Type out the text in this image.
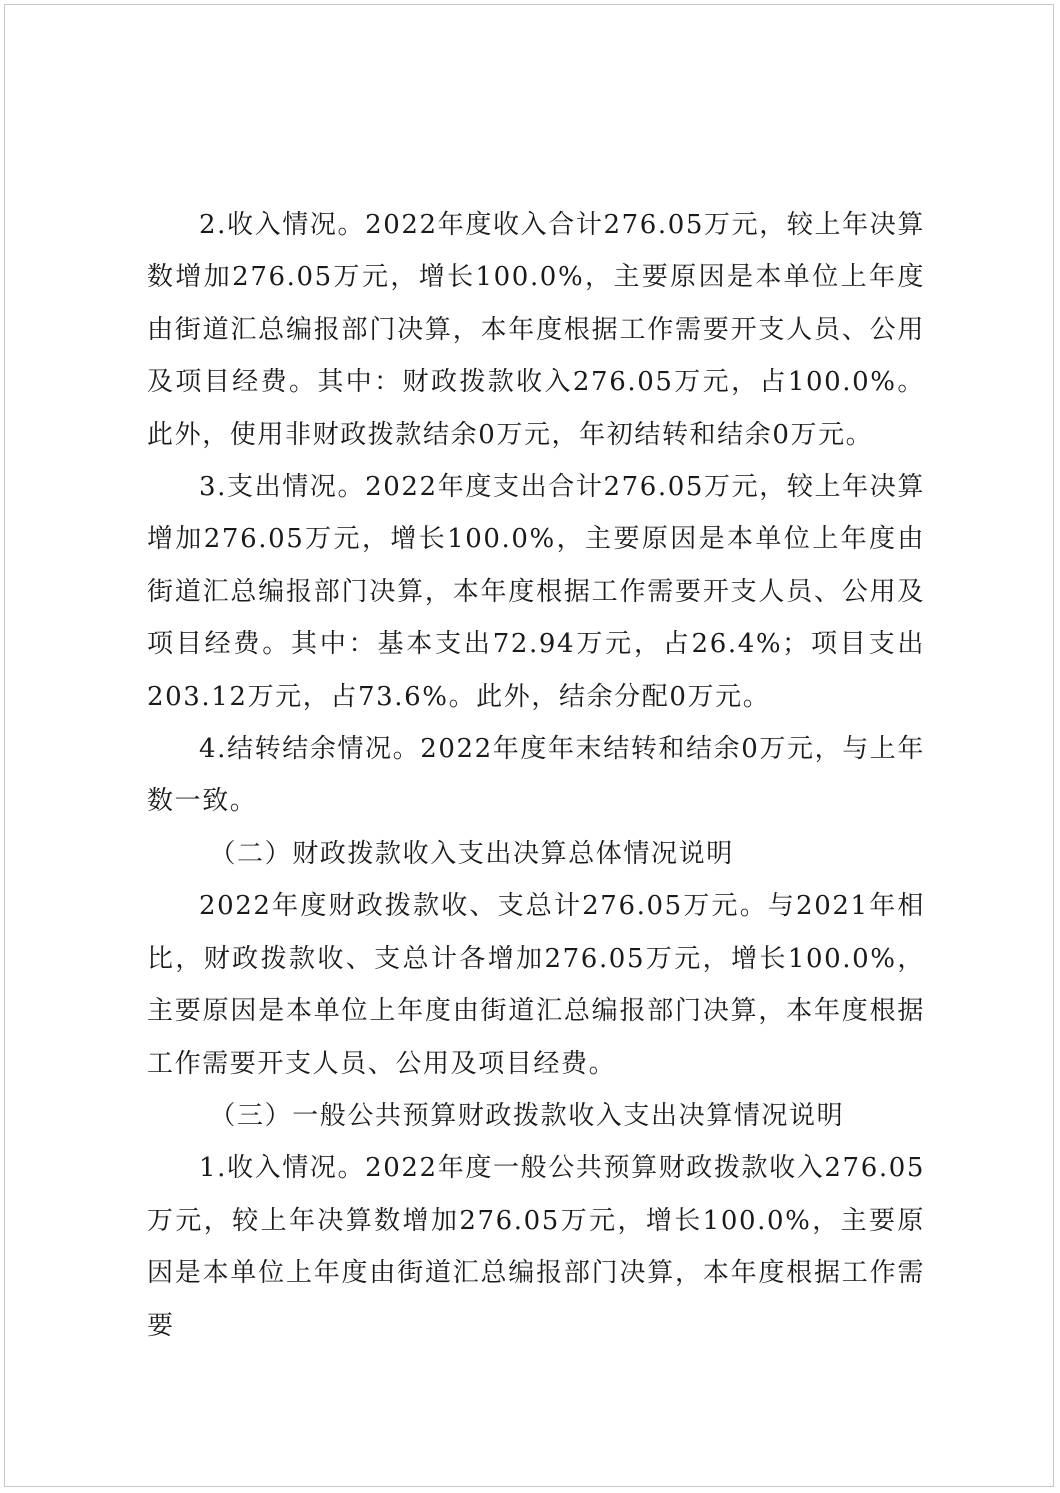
2.收入情况。2022年度收入合计276.05万元，较上年决算数增加276.05万元，增长100.0%，主要原因是本单位上年度由街道汇总编报部门决算，本年度根据工作需要开支人员、公用及项目经费。其中：财政拨款收入276.05万元，占100.0%。此外，使用非财政拨款结余0万元，年初结转和结余0万元。

3.支出情况。2022年度支出合计276.05万元，较上年决算增加276.05万元，增长100.0%，主要原因是本单位上年度由街道汇总编报部门决算，本年度根据工作需要开支人员、公用及项目经费。其中：基本支出72.94万元，占26.4%；项目支出203.12万元，占73.6%。此外，结余分配0万元。

4.结转结余情况。2022年度年末结转和结余0万元，与上年数一致。

（二）财政拨款收入支出决算总体情况说明

2022年度财政拨款收、支总计276.05万元。与2021年相比，财政拨款收、支总计各增加276.05万元，增长100.0%，主要原因是本单位上年度由街道汇总编报部门决算，本年度根据工作需要开支人员、公用及项目经费。

（三）一般公共预算财政拨款收入支出决算情况说明

1.收入情况。2022年度一般公共预算财政拨款收入276.05万元，较上年决算数增加276.05万元，增长100.0%，主要原因是本单位上年度由街道汇总编报部门决算，本年度根据工作需要
